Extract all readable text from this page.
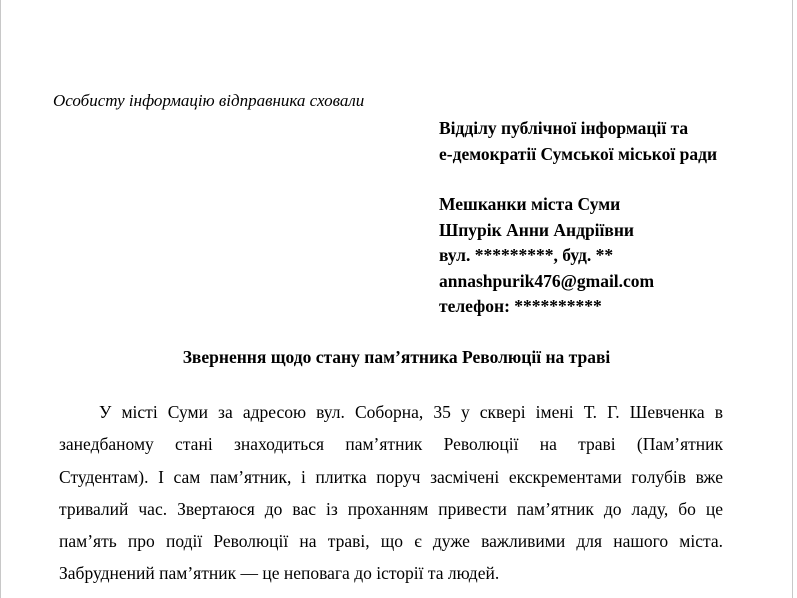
Особисту інформацію відправника сховали
Відділу публічної інформації та
е-демократії Сумської міської ради
Мешканки міста Суми
Шпурік Анни Андріївни
вул. *********, буд. **
annashpurik476@gmail.com
телефон: **********
Звернення щодо стану пам’ятника Революції на траві
У місті Суми за адресою вул. Соборна, 35 у сквері імені Т. Г. Шевченка в
занедбаному стані знаходиться пам’ятник Революції на траві (Пам’ятник
Студентам). І сам пам’ятник, і плитка поруч засмічені екскрементами голубів вже
тривалий час. Звертаюся до вас із проханням привести пам’ятник до ладу, бо це
пам’ять про події Революції на траві, що є дуже важливими для нашого міста.
Забруднений пам’ятник — це неповага до історії та людей.
